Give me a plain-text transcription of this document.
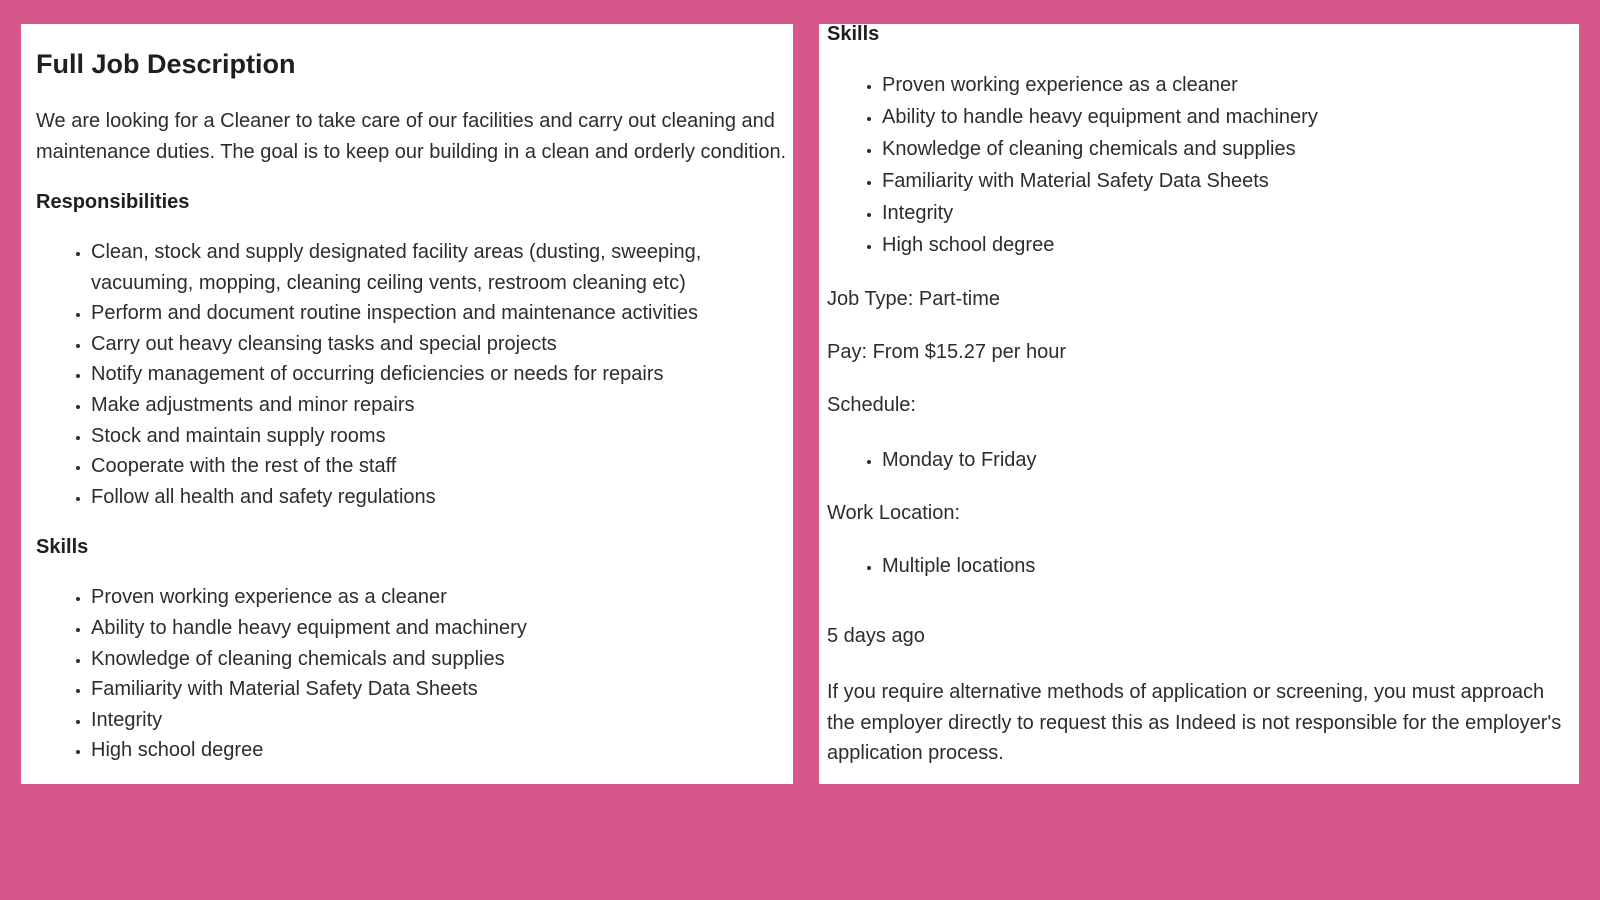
Full Job Description

We are looking for a Cleaner to take care of our facilities and carry out cleaning and maintenance duties. The goal is to keep our building in a clean and orderly condition.

Responsibilities
• Clean, stock and supply designated facility areas (dusting, sweeping, vacuuming, mopping, cleaning ceiling vents, restroom cleaning etc)
• Perform and document routine inspection and maintenance activities
• Carry out heavy cleansing tasks and special projects
• Notify management of occurring deficiencies or needs for repairs
• Make adjustments and minor repairs
• Stock and maintain supply rooms
• Cooperate with the rest of the staff
• Follow all health and safety regulations
Skills
• Proven working experience as a cleaner
• Ability to handle heavy equipment and machinery
• Knowledge of cleaning chemicals and supplies
• Familiarity with Material Safety Data Sheets
• Integrity
• High school degree
Skills
• Proven working experience as a cleaner
• Ability to handle heavy equipment and machinery
• Knowledge of cleaning chemicals and supplies
• Familiarity with Material Safety Data Sheets
• Integrity
• High school degree
Job Type: Part-time
Pay: From $15.27 per hour
Schedule:
• Monday to Friday
Work Location:
• Multiple locations
5 days ago

If you require alternative methods of application or screening, you must approach the employer directly to request this as Indeed is not responsible for the employer's application process.
